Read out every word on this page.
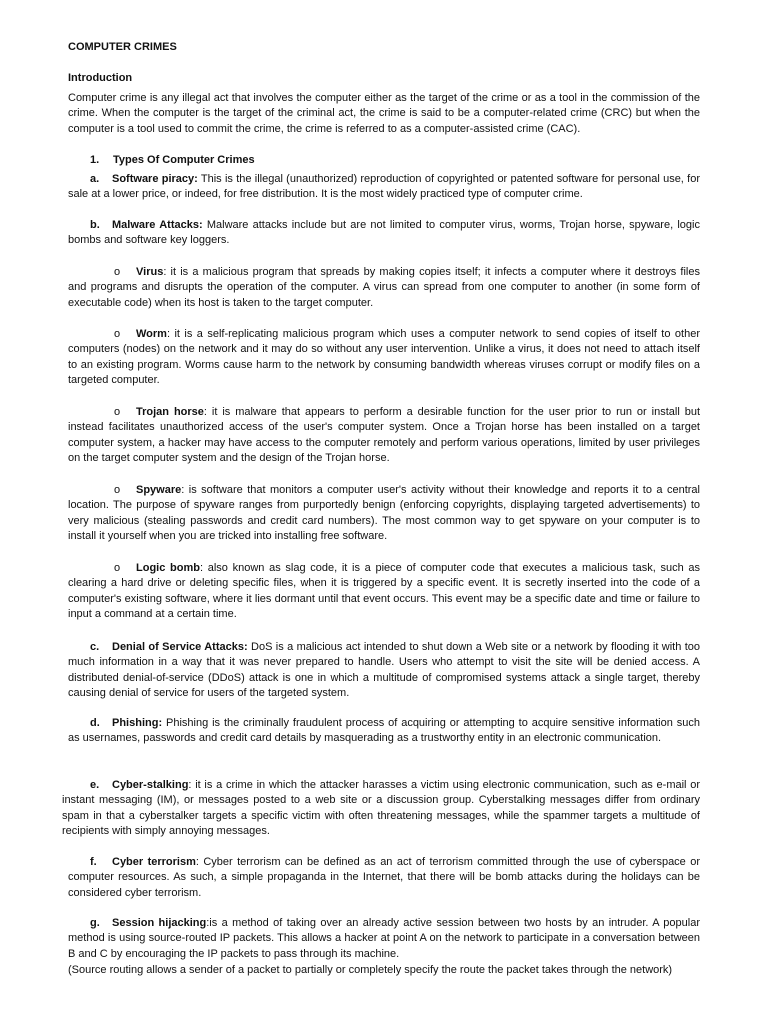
COMPUTER CRIMES
Introduction

Computer crime is any illegal act that involves the computer either as the target of the crime or as a tool in the commission of the crime. When the computer is the target of the criminal act, the crime is said to be a computer-related crime (CRC) but when the computer is a tool used to commit the crime, the crime is referred to as a computer-assisted crime (CAC).

1. Types Of Computer Crimes

a. Software piracy: This is the illegal (unauthorized) reproduction of copyrighted or patented software for personal use, for sale at a lower price, or indeed, for free distribution. It is the most widely practiced type of computer crime.

b. Malware Attacks: Malware attacks include but are not limited to computer virus, worms, Trojan horse, spyware, logic bombs and software key loggers.

o Virus: it is a malicious program that spreads by making copies itself; it infects a computer where it destroys files and programs and disrupts the operation of the computer. A virus can spread from one computer to another (in some form of executable code) when its host is taken to the target computer.

o Worm: it is a self-replicating malicious program which uses a computer network to send copies of itself to other computers (nodes) on the network and it may do so without any user intervention. Unlike a virus, it does not need to attach itself to an existing program. Worms cause harm to the network by consuming bandwidth whereas viruses corrupt or modify files on a targeted computer.

o Trojan horse: it is malware that appears to perform a desirable function for the user prior to run or install but instead facilitates unauthorized access of the user's computer system. Once a Trojan horse has been installed on a target computer system, a hacker may have access to the computer remotely and perform various operations, limited by user privileges on the target computer system and the design of the Trojan horse.

o Spyware: is software that monitors a computer user's activity without their knowledge and reports it to a central location. The purpose of spyware ranges from purportedly benign (enforcing copyrights, displaying targeted advertisements) to very malicious (stealing passwords and credit card numbers). The most common way to get spyware on your computer is to install it yourself when you are tricked into installing free software.

o Logic bomb: also known as slag code, it is a piece of computer code that executes a malicious task, such as clearing a hard drive or deleting specific files, when it is triggered by a specific event. It is secretly inserted into the code of a computer's existing software, where it lies dormant until that event occurs. This event may be a specific date and time or failure to input a command at a certain time.

c. Denial of Service Attacks: DoS is a malicious act intended to shut down a Web site or a network by flooding it with too much information in a way that it was never prepared to handle. Users who attempt to visit the site will be denied access. A distributed denial-of-service (DDoS) attack is one in which a multitude of compromised systems attack a single target, thereby causing denial of service for users of the targeted system.

d. Phishing: Phishing is the criminally fraudulent process of acquiring or attempting to acquire sensitive information such as usernames, passwords and credit card details by masquerading as a trustworthy entity in an electronic communication.

e. Cyber-stalking: it is a crime in which the attacker harasses a victim using electronic communication, such as e-mail or instant messaging (IM), or messages posted to a web site or a discussion group. Cyberstalking messages differ from ordinary spam in that a cyberstalker targets a specific victim with often threatening messages, while the spammer targets a multitude of recipients with simply annoying messages.

f. Cyber terrorism: Cyber terrorism can be defined as an act of terrorism committed through the use of cyberspace or computer resources. As such, a simple propaganda in the Internet, that there will be bomb attacks during the holidays can be considered cyber terrorism.

g. Session hijacking:is a method of taking over an already active session between two hosts by an intruder. A popular method is using source-routed IP packets. This allows a hacker at point A on the network to participate in a conversation between B and C by encouraging the IP packets to pass through its machine.

(Source routing allows a sender of a packet to partially or completely specify the route the packet takes through the network)
